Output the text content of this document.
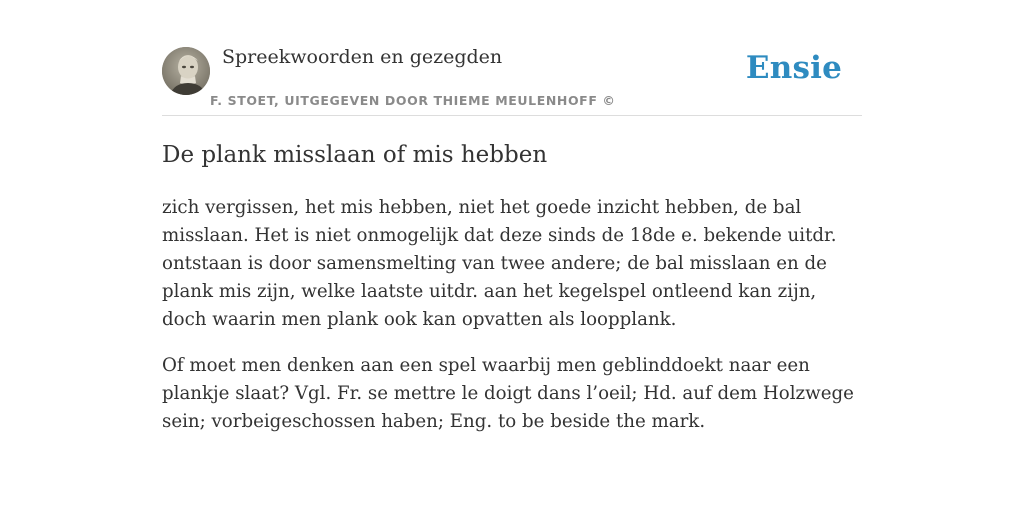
Spreekwoorden en gezegden
F. STOET, UITGEGEVEN DOOR THIEME MEULENHOFF ©
Ensie
De plank misslaan of mis hebben

zich vergissen, het mis hebben, niet het goede inzicht hebben, de bal misslaan. Het is niet onmogelijk dat deze sinds de 18de e. bekende uitdr. ontstaan is door samensmelting van twee andere; de bal misslaan en de plank mis zijn, welke laatste uitdr. aan het kegelspel ontleend kan zijn, doch waarin men plank ook kan opvatten als loopplank.

Of moet men denken aan een spel waarbij men geblinddoekt naar een plankje slaat? Vgl. Fr. se mettre le doigt dans l’oeil; Hd. auf dem Holzwege sein; vorbeigeschossen haben; Eng. to be beside the mark.
